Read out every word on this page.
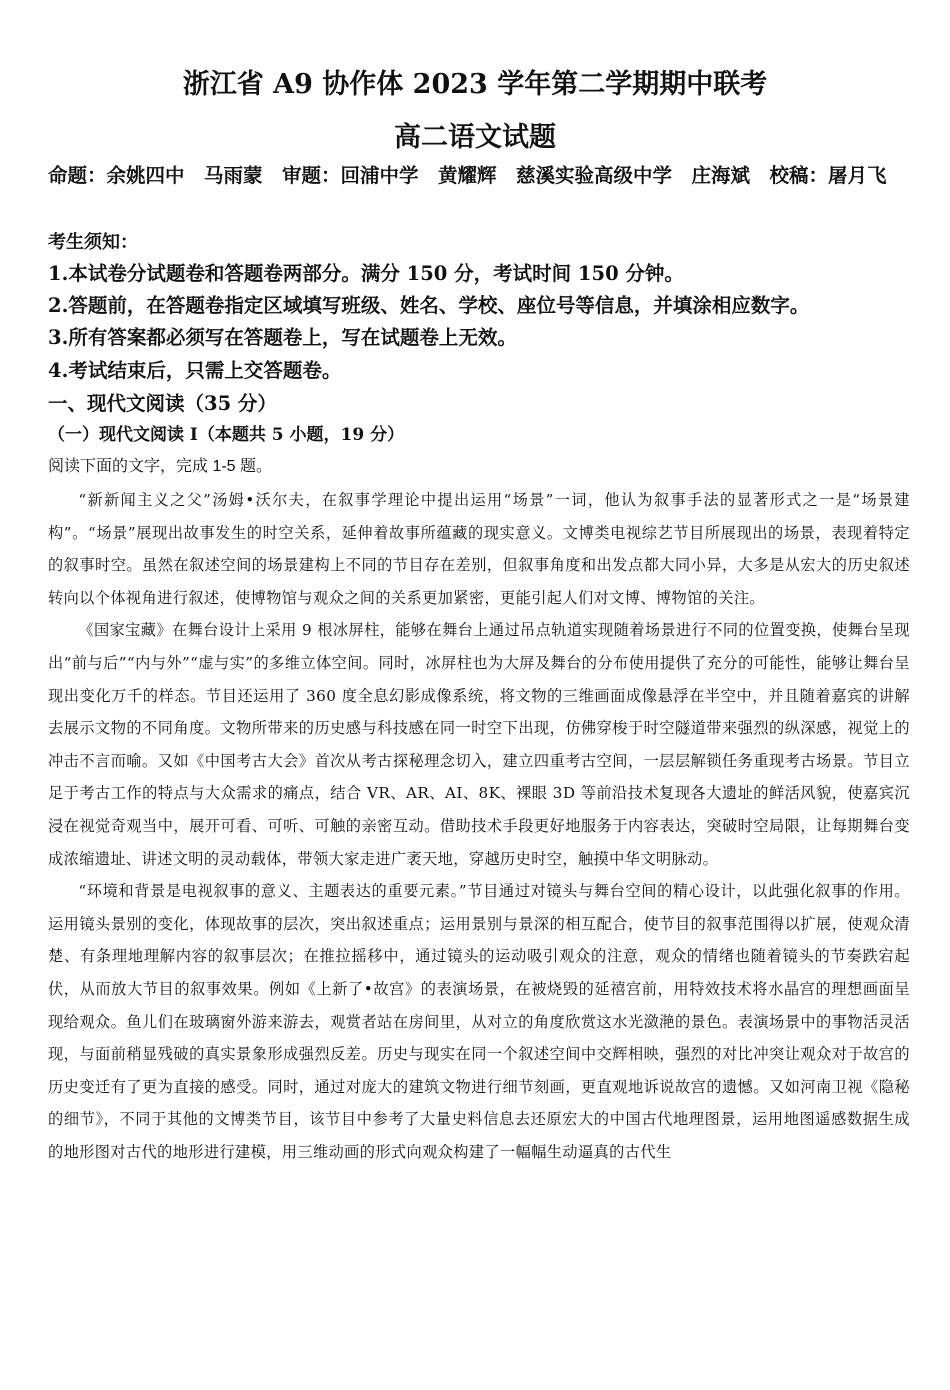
浙江省 A9 协作体 2023 学年第二学期期中联考
高二语文试题
命题：余姚四中　马雨蒙　审题：回浦中学　黄耀辉　慈溪实验高级中学　庄海斌　校稿：屠月飞
考生须知：
1.本试卷分试题卷和答题卷两部分。满分 150 分，考试时间 150 分钟。
2.答题前，在答题卷指定区域填写班级、姓名、学校、座位号等信息，并填涂相应数字。
3.所有答案都必须写在答题卷上，写在试题卷上无效。
4.考试结束后，只需上交答题卷。
一、现代文阅读（35 分）
（一）现代文阅读 I（本题共 5 小题，19 分）
阅读下面的文字，完成 1-5 题。

“新新闻主义之父”汤姆•沃尔夫，在叙事学理论中提出运用“场景”一词，他认为叙事手法的显著形式之一是“场景建构”。“场景”展现出故事发生的时空关系，延伸着故事所蕴藏的现实意义。文博类电视综艺节目所展现出的场景，表现着特定的叙事时空。虽然在叙述空间的场景建构上不同的节目存在差别，但叙事角度和出发点都大同小异，大多是从宏大的历史叙述转向以个体视角进行叙述，使博物馆与观众之间的关系更加紧密，更能引起人们对文博、博物馆的关注。

《国家宝藏》在舞台设计上采用 9 根冰屏柱，能够在舞台上通过吊点轨道实现随着场景进行不同的位置变换，使舞台呈现出“前与后”“内与外”“虚与实”的多维立体空间。同时，冰屏柱也为大屏及舞台的分布使用提供了充分的可能性，能够让舞台呈现出变化万千的样态。节目还运用了 360 度全息幻影成像系统，将文物的三维画面成像悬浮在半空中，并且随着嘉宾的讲解去展示文物的不同角度。文物所带来的历史感与科技感在同一时空下出现，仿佛穿梭于时空隧道带来强烈的纵深感，视觉上的冲击不言而喻。又如《中国考古大会》首次从考古探秘理念切入，建立四重考古空间，一层层解锁任务重现考古场景。节目立足于考古工作的特点与大众需求的痛点，结合 VR、AR、AI、8K、裸眼 3D 等前沿技术复现各大遗址的鲜活风貌，使嘉宾沉浸在视觉奇观当中，展开可看、可听、可触的亲密互动。借助技术手段更好地服务于内容表达，突破时空局限，让每期舞台变成浓缩遗址、讲述文明的灵动载体，带领大家走进广袤天地，穿越历史时空，触摸中华文明脉动。

“环境和背景是电视叙事的意义、主题表达的重要元素。”节目通过对镜头与舞台空间的精心设计，以此强化叙事的作用。运用镜头景别的变化，体现故事的层次，突出叙述重点；运用景别与景深的相互配合，使节目的叙事范围得以扩展，使观众清楚、有条理地理解内容的叙事层次；在推拉摇移中，通过镜头的运动吸引观众的注意，观众的情绪也随着镜头的节奏跌宕起伏，从而放大节目的叙事效果。例如《上新了•故宫》的表演场景，在被烧毁的延禧宫前，用特效技术将水晶宫的理想画面呈现给观众。鱼儿们在玻璃窗外游来游去，观赏者站在房间里，从对立的角度欣赏这水光潋滟的景色。表演场景中的事物活灵活现，与面前稍显残破的真实景象形成强烈反差。历史与现实在同一个叙述空间中交辉相映，强烈的对比冲突让观众对于故宫的历史变迁有了更为直接的感受。同时，通过对庞大的建筑文物进行细节刻画，更直观地诉说故宫的遗憾。又如河南卫视《隐秘的细节》，不同于其他的文博类节目，该节目中参考了大量史料信息去还原宏大的中国古代地理图景，运用地图遥感数据生成的地形图对古代的地形进行建模，用三维动画的形式向观众构建了一幅幅生动逼真的古代生
